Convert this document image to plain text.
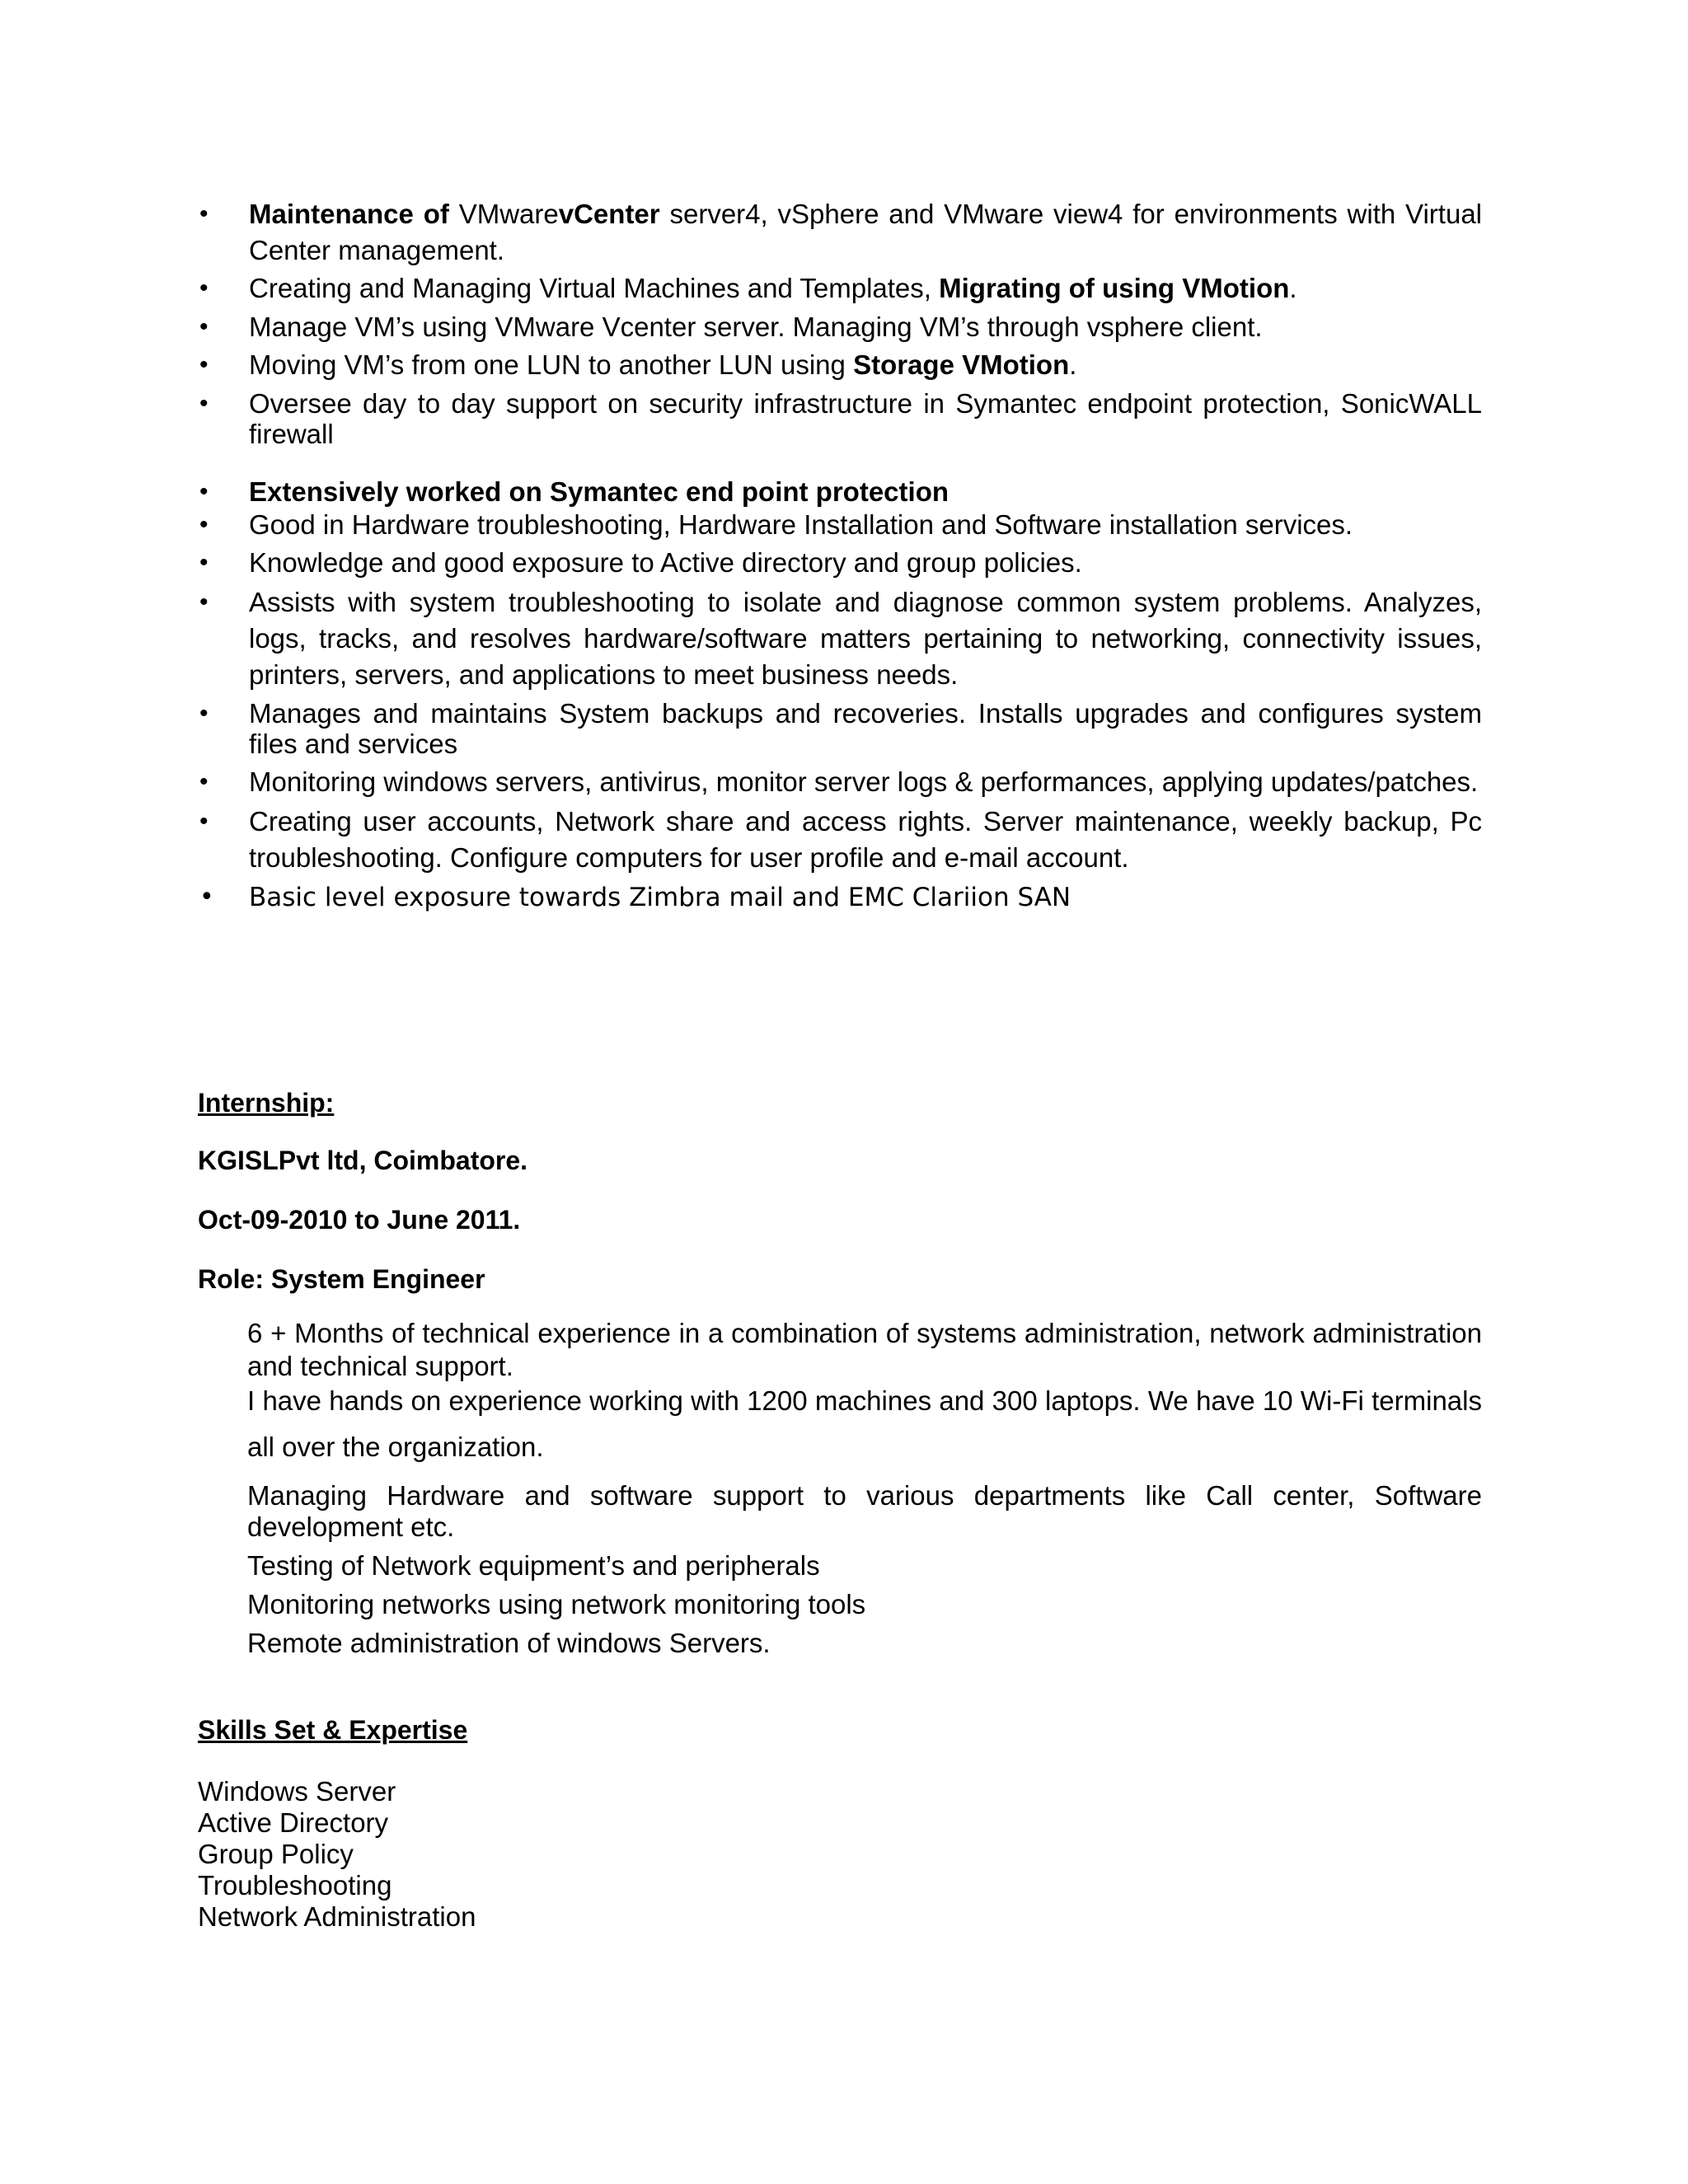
• Maintenance of VMwarevCenter server4, vSphere and VMware view4 for environments with Virtual Center management.
• Creating and Managing Virtual Machines and Templates, Migrating of using VMotion.
• Manage VM’s using VMware Vcenter server. Managing VM’s through vsphere client.
• Moving VM’s from one LUN to another LUN using Storage VMotion.
• Oversee day to day support on security infrastructure in Symantec endpoint protection, SonicWALL firewall
• Extensively worked on Symantec end point protection
• Good in Hardware troubleshooting, Hardware Installation and Software installation services.
• Knowledge and good exposure to Active directory and group policies.
• Assists with system troubleshooting to isolate and diagnose common system problems. Analyzes, logs, tracks, and resolves hardware/software matters pertaining to networking, connectivity issues, printers, servers, and applications to meet business needs.
• Manages and maintains System backups and recoveries. Installs upgrades and configures system files and services
• Monitoring windows servers, antivirus, monitor server logs & performances, applying updates/patches.
• Creating user accounts, Network share and access rights. Server maintenance, weekly backup, Pc troubleshooting. Configure computers for user profile and e-mail account.
• Basic level exposure towards Zimbra mail and EMC Clariion SAN
Internship:
KGISLPvt ltd, Coimbatore.
Oct-09-2010 to June 2011.
Role: System Engineer

6 + Months of technical experience in a combination of systems administration, network administration and technical support.

I have hands on experience working with 1200 machines and 300 laptops. We have 10 Wi-Fi terminals all over the organization.

Managing Hardware and software support to various departments like Call center, Software development etc.

Testing of Network equipment’s and peripherals

Monitoring networks using network monitoring tools

Remote administration of windows Servers.

Skills Set & Expertise
Windows Server
Active Directory
Group Policy
Troubleshooting
Network Administration
